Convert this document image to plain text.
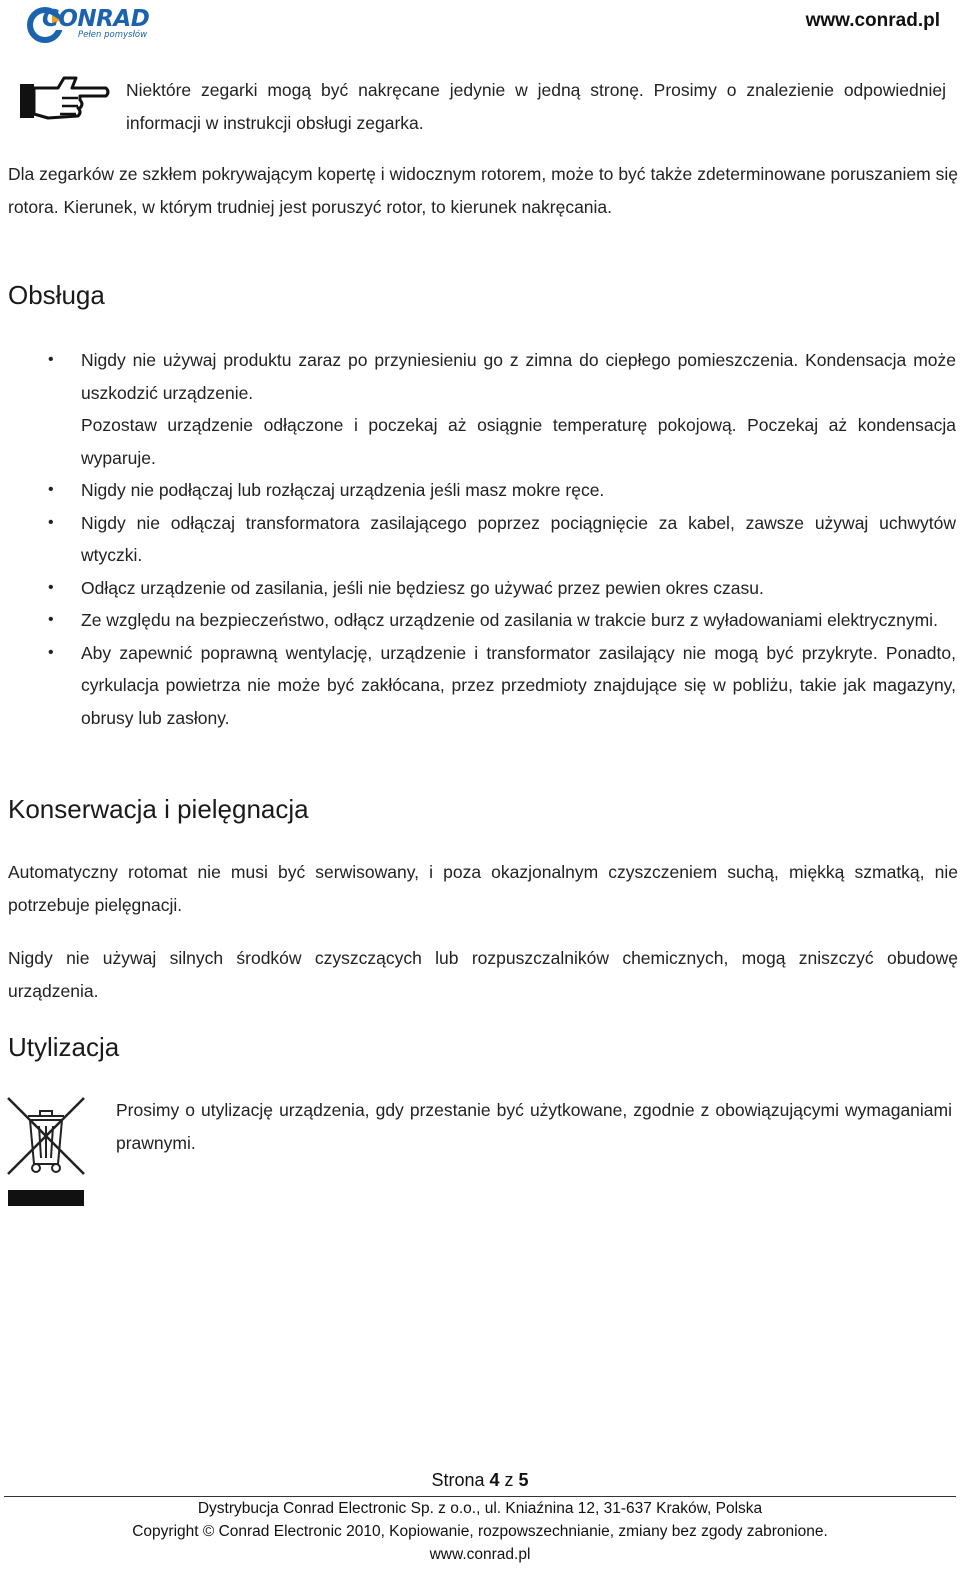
CONRAD
Pełen pomysłów
www.conrad.pl
Niektóre zegarki mogą być nakręcane jedynie w jedną stronę. Prosimy o znalezienie odpowiedniej informacji w instrukcji obsługi zegarka.
Dla zegarków ze szkłem pokrywającym kopertę i widocznym rotorem, może to być także zdeterminowane poruszaniem się rotora. Kierunek, w którym trudniej jest poruszyć rotor, to kierunek nakręcania.
Obsługa
• Nigdy nie używaj produktu zaraz po przyniesieniu go z zimna do ciepłego pomieszczenia. Kondensacja może uszkodzić urządzenie.
Pozostaw urządzenie odłączone i poczekaj aż osiągnie temperaturę pokojową. Poczekaj aż kondensacja wyparuje.
• Nigdy nie podłączaj lub rozłączaj urządzenia jeśli masz mokre ręce.
• Nigdy nie odłączaj transformatora zasilającego poprzez pociągnięcie za kabel, zawsze używaj uchwytów wtyczki.
• Odłącz urządzenie od zasilania, jeśli nie będziesz go używać przez pewien okres czasu.
• Ze względu na bezpieczeństwo, odłącz urządzenie od zasilania w trakcie burz z wyładowaniami elektrycznymi.
• Aby zapewnić poprawną wentylację, urządzenie i transformator zasilający nie mogą być przykryte. Ponadto, cyrkulacja powietrza nie może być zakłócana, przez przedmioty znajdujące się w pobliżu, takie jak magazyny, obrusy lub zasłony.
Konserwacja i pielęgnacja
Automatyczny rotomat nie musi być serwisowany, i poza okazjonalnym czyszczeniem suchą, miękką szmatką, nie potrzebuje pielęgnacji.
Nigdy nie używaj silnych środków czyszczących lub rozpuszczalników chemicznych, mogą zniszczyć obudowę urządzenia.
Utylizacja
Prosimy o utylizację urządzenia, gdy przestanie być użytkowane, zgodnie z obowiązującymi wymaganiami prawnymi.
Strona 4 z 5
Dystrybucja Conrad Electronic Sp. z o.o., ul. Kniaźnina 12, 31-637 Kraków, Polska
Copyright © Conrad Electronic 2010, Kopiowanie, rozpowszechnianie, zmiany bez zgody zabronione.
www.conrad.pl
